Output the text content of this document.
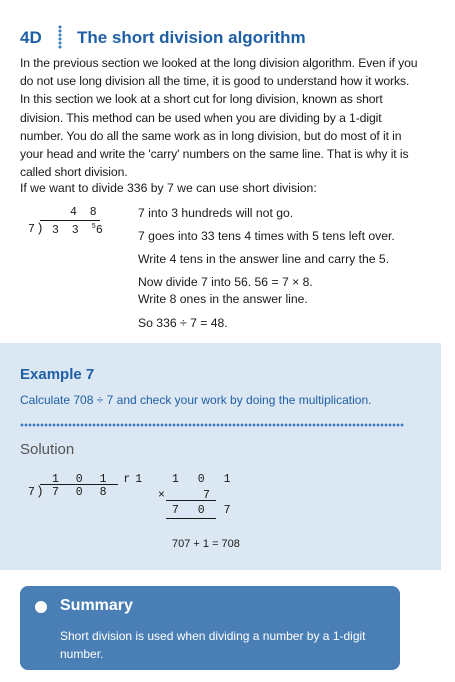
4D The short division algorithm
In the previous section we looked at the long division algorithm. Even if you do not use long division all the time, it is good to understand how it works. In this section we look at a short cut for long division, known as short division. This method can be used when you are dividing by a 1-digit number. You do all the same work as in long division, but do most of it in your head and write the 'carry' numbers on the same line. That is why it is called short division.
If we want to divide 336 by 7 we can use short division:
4 8
7 ) 3 3 $^5$6
7 into 3 hundreds will not go.
7 goes into 33 tens 4 times with 5 tens left over.
Write 4 tens in the answer line and carry the 5.
Now divide 7 into 56. 56 = 7 × 8.
Write 8 ones in the answer line.
So 336 ÷ 7 = 48.
Example 7
Calculate 708 ÷ 7 and check your work by doing the multiplication.
Solution
1 0 1 r1
7 ) 7 0 8
1 0 1
×	7
7 0 7
707 + 1 = 708
Summary
Short division is used when dividing a number by a 1-digit number.
